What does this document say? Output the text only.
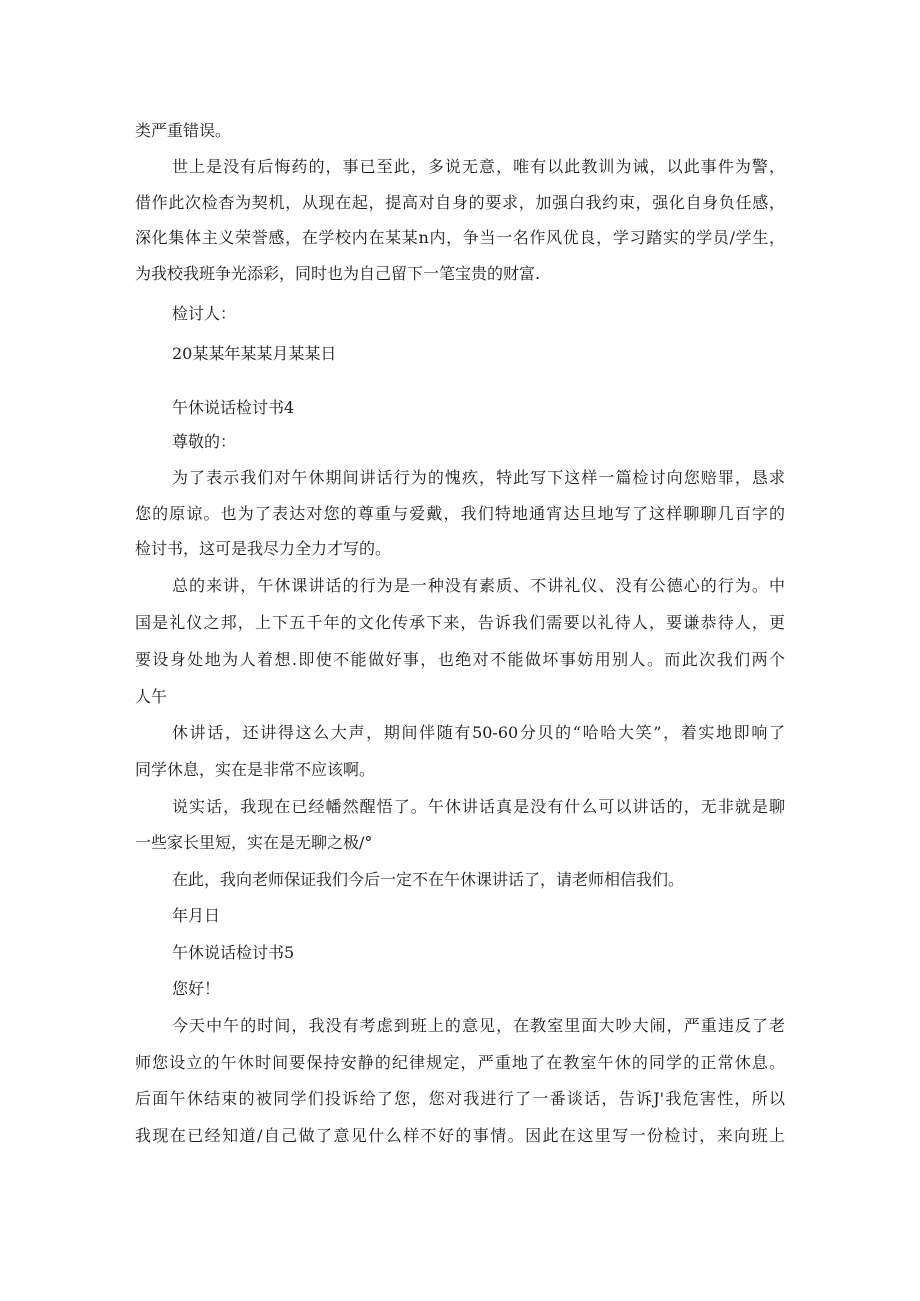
类严重错误。
世上是没有后悔药的，事已至此，多说无意，唯有以此教训为诫，以此事件为警，
借作此次检杳为契机，从现在起，提高对自身的要求，加强白我约束，强化自身负任感，
深化集体主义荣誉感，在学校内在某某n内，争当一名作风优良，学习踏实的学员/学生，
为我校我班争光添彩，同时也为自己留下一笔宝贵的财富.
检讨人：
20某某年某某月某某日
午休说话检讨书4
尊敬的：
为了表示我们对午休期间讲话行为的愧疚，特此写下这样一篇检讨向您赔罪，恳求
您的原谅。也为了表达对您的尊重与爱戴，我们特地通宵达旦地写了这样聊聊几百字的
检讨书，这可是我尽力全力才写的。
总的来讲，午休课讲话的行为是一种没有素质、不讲礼仪、没有公德心的行为。中
国是礼仪之邦，上下五千年的文化传承下来，告诉我们需要以礼待人，要谦恭待人，更
要设身处地为人着想.即使不能做好事，也绝对不能做坏事妨用别人。而此次我们两个
人午
休讲话，还讲得这么大声，期间伴随有50-60分贝的“哈哈大笑”，着实地即响了
同学休息，实在是非常不应该啊。
说实话，我现在已经幡然醒悟了。午休讲话真是没有什么可以讲话的，无非就是聊
一些家长里短，实在是无聊之极/°
在此，我向老师保证我们今后一定不在午休课讲话了，请老师相信我们。
年月日
午休说话检讨书5
您好！
今天中午的时间，我没有考虑到班上的意见，在教室里面大吵大闹，严重违反了老
师您设立的午休时间要保持安静的纪律规定，严重地了在教室午休的同学的正常休息。
后面午休结束的被同学们投诉给了您，您对我进行了一番谈话，告诉J'我危害性，所以
我现在已经知道/自己做了意见什么样不好的事情。因此在这里写一份检讨，来向班上
